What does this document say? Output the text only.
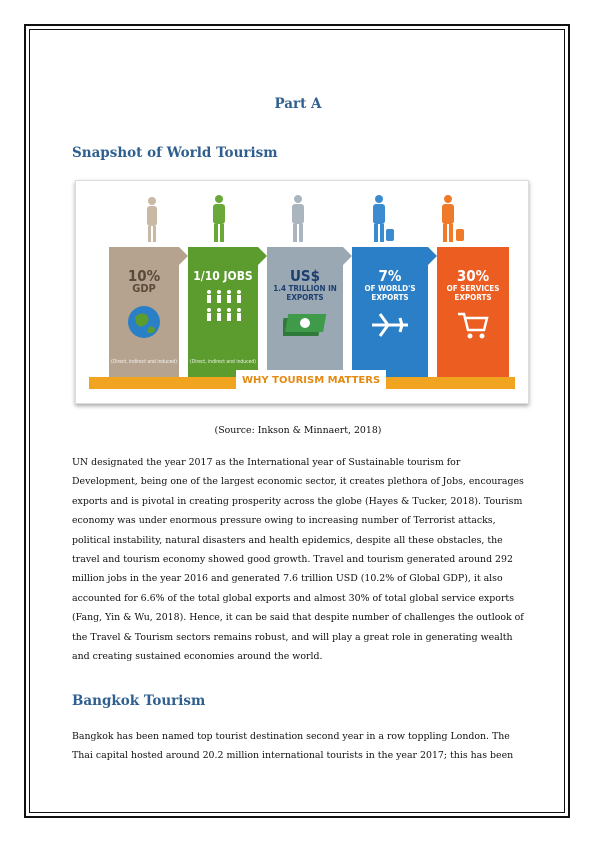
Part A
Snapshot of World Tourism
10%
GDP
(Direct, indirect and induced)
1/10 JOBS
(Direct, indirect and induced)
US$
1.4 TRILLION IN EXPORTS
7%
OF WORLD'S EXPORTS
30%
OF SERVICES EXPORTS
WHY TOURISM MATTERS
(Source: Inkson & Minnaert, 2018)

UN designated the year 2017 as the International year of Sustainable tourism for Development, being one of the largest economic sector, it creates plethora of Jobs, encourages exports and is pivotal in creating prosperity across the globe (Hayes & Tucker, 2018). Tourism economy was under enormous pressure owing to increasing number of Terrorist attacks, political instability, natural disasters and health epidemics, despite all these obstacles, the travel and tourism economy showed good growth. Travel and tourism generated around 292 million jobs in the year 2016 and generated 7.6 trillion USD (10.2% of Global GDP), it also accounted for 6.6% of the total global exports and almost 30% of total global service exports (Fang, Yin & Wu, 2018). Hence, it can be said that despite number of challenges the outlook of the Travel & Tourism sectors remains robust, and will play a great role in generating wealth and creating sustained economies around the world.

Bangkok Tourism

Bangkok has been named top tourist destination second year in a row toppling London. The Thai capital hosted around 20.2 million international tourists in the year 2017; this has been
